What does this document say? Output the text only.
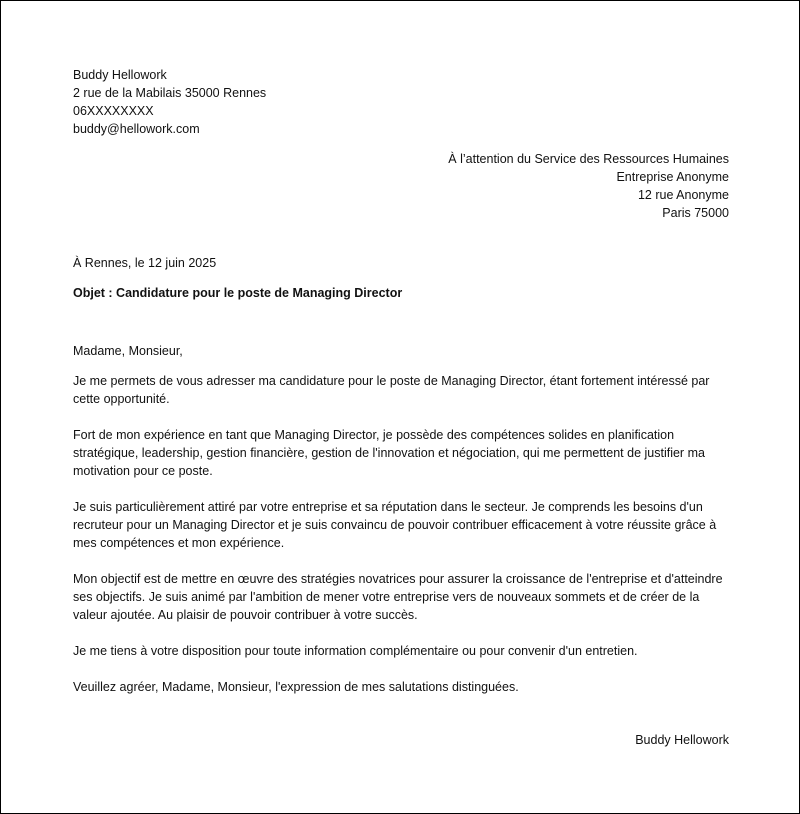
Buddy Hellowork
2 rue de la Mabilais 35000 Rennes
06XXXXXXXX
buddy@hellowork.com
À l’attention du Service des Ressources Humaines
Entreprise Anonyme
12 rue Anonyme
Paris 75000
À Rennes, le 12 juin 2025
Objet : Candidature pour le poste de Managing Director
Madame, Monsieur,
Je me permets de vous adresser ma candidature pour le poste de Managing Director, étant fortement intéressé par cette opportunité.
Fort de mon expérience en tant que Managing Director, je possède des compétences solides en planification stratégique, leadership, gestion financière, gestion de l'innovation et négociation, qui me permettent de justifier ma motivation pour ce poste.
Je suis particulièrement attiré par votre entreprise et sa réputation dans le secteur. Je comprends les besoins d'un recruteur pour un Managing Director et je suis convaincu de pouvoir contribuer efficacement à votre réussite grâce à mes compétences et mon expérience.
Mon objectif est de mettre en œuvre des stratégies novatrices pour assurer la croissance de l'entreprise et d'atteindre ses objectifs. Je suis animé par l'ambition de mener votre entreprise vers de nouveaux sommets et de créer de la valeur ajoutée. Au plaisir de pouvoir contribuer à votre succès.
Je me tiens à votre disposition pour toute information complémentaire ou pour convenir d'un entretien.
Veuillez agréer, Madame, Monsieur, l'expression de mes salutations distinguées.
Buddy Hellowork
